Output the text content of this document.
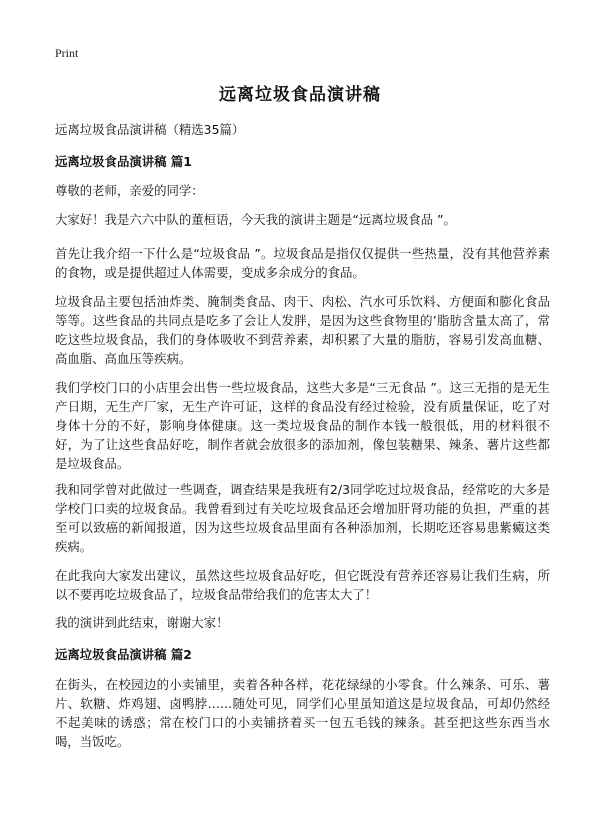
Print
远离垃圾食品演讲稿

远离垃圾食品演讲稿（精选35篇）

远离垃圾食品演讲稿 篇1

尊敬的老师，亲爱的同学：

大家好！我是六六中队的董桓语，今天我的演讲主题是“远离垃圾食品 ”。

首先让我介绍一下什么是“垃圾食品 ”。垃圾食品是指仅仅提供一些热量，没有其他营养素的食物，或是提供超过人体需要，变成多余成分的食品。

垃圾食品主要包括油炸类、腌制类食品、肉干、肉松、汽水可乐饮料、方便面和膨化食品等等。这些食品的共同点是吃多了会让人发胖，是因为这些食物里的’脂肪含量太高了，常吃这些垃圾食品，我们的身体吸收不到营养素，却积累了大量的脂肪，容易引发高血糖、高血脂、高血压等疾病。

我们学校门口的小店里会出售一些垃圾食品，这些大多是“三无食品 ”。这三无指的是无生产日期，无生产厂家，无生产许可证，这样的食品没有经过检验，没有质量保证，吃了对身体十分的不好，影响身体健康。这一类垃圾食品的制作本钱一般很低，用的材料很不好，为了让这些食品好吃，制作者就会放很多的添加剂，像包装糖果、辣条、薯片这些都是垃圾食品。

我和同学曾对此做过一些调查，调查结果是我班有2/3同学吃过垃圾食品，经常吃的大多是学校门口卖的垃圾食品。我曾看到过有关吃垃圾食品还会增加肝肾功能的负担，严重的甚至可以致癌的新闻报道，因为这些垃圾食品里面有各种添加剂，长期吃还容易患紫癜这类疾病。

在此我向大家发出建议，虽然这些垃圾食品好吃，但它既没有营养还容易让我们生病，所以不要再吃垃圾食品了，垃圾食品带给我们的危害太大了！

我的演讲到此结束，谢谢大家！

远离垃圾食品演讲稿 篇2

在街头，在校园边的小卖铺里，卖着各种各样，花花绿绿的小零食。什么辣条、可乐、薯片、软糖、炸鸡翅、卤鸭脖……随处可见，同学们心里虽知道这是垃圾食品，可却仍然经不起美味的诱惑；常在校门口的小卖铺挤着买一包五毛钱的辣条。甚至把这些东西当水喝，当饭吃。
